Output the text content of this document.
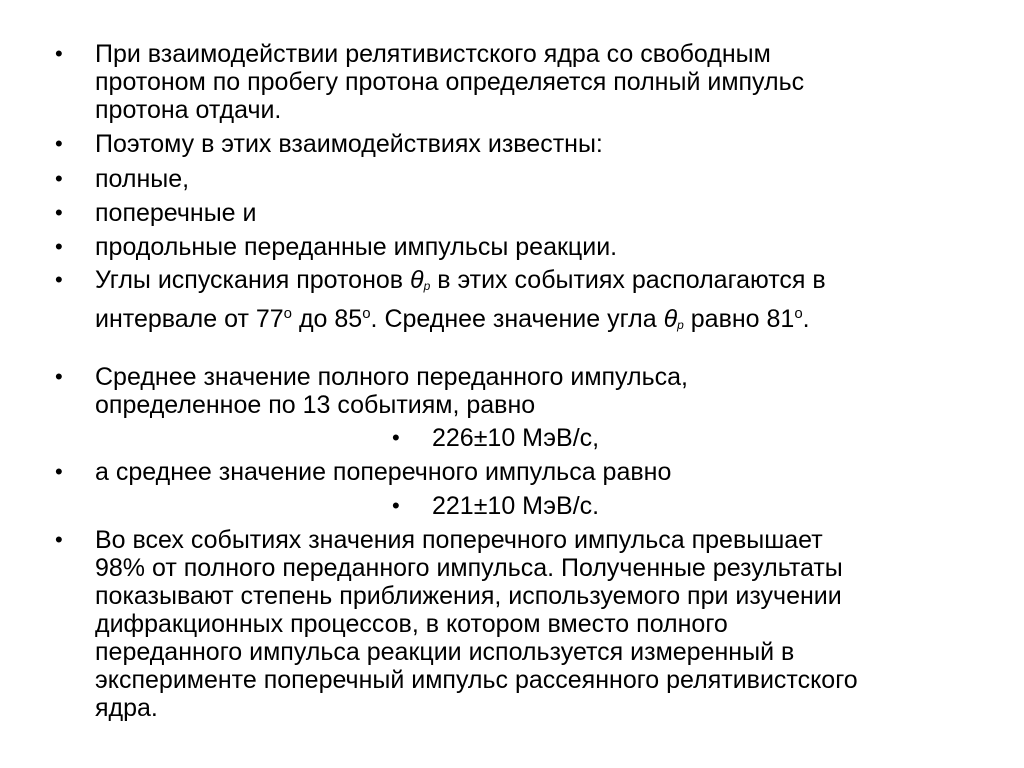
• При взаимодействии релятивистского ядра со свободным
протоном по пробегу протона определяется полный импульс
протона отдачи.
• Поэтому в этих взаимодействиях известны:
• полные,
• поперечные и
• продольные переданные импульсы реакции.
• Углы испускания протонов θp в этих событиях располагаются в
интервале от 77$^o$ до 85$^o$. Среднее значение угла θp равно 81$^o$.
• Среднее значение полного переданного импульса,
определенное по 13 событиям, равно
• 226±10 МэВ/с,
• а среднее значение поперечного импульса равно
• 221±10 МэВ/с.
• Во всех событиях значения поперечного импульса превышает
98% от полного переданного импульса. Полученные результаты
показывают степень приближения, используемого при изучении
дифракционных процессов, в котором вместо полного
переданного импульса реакции используется измеренный в
эксперименте поперечный импульс рассеянного релятивистского
ядра.
